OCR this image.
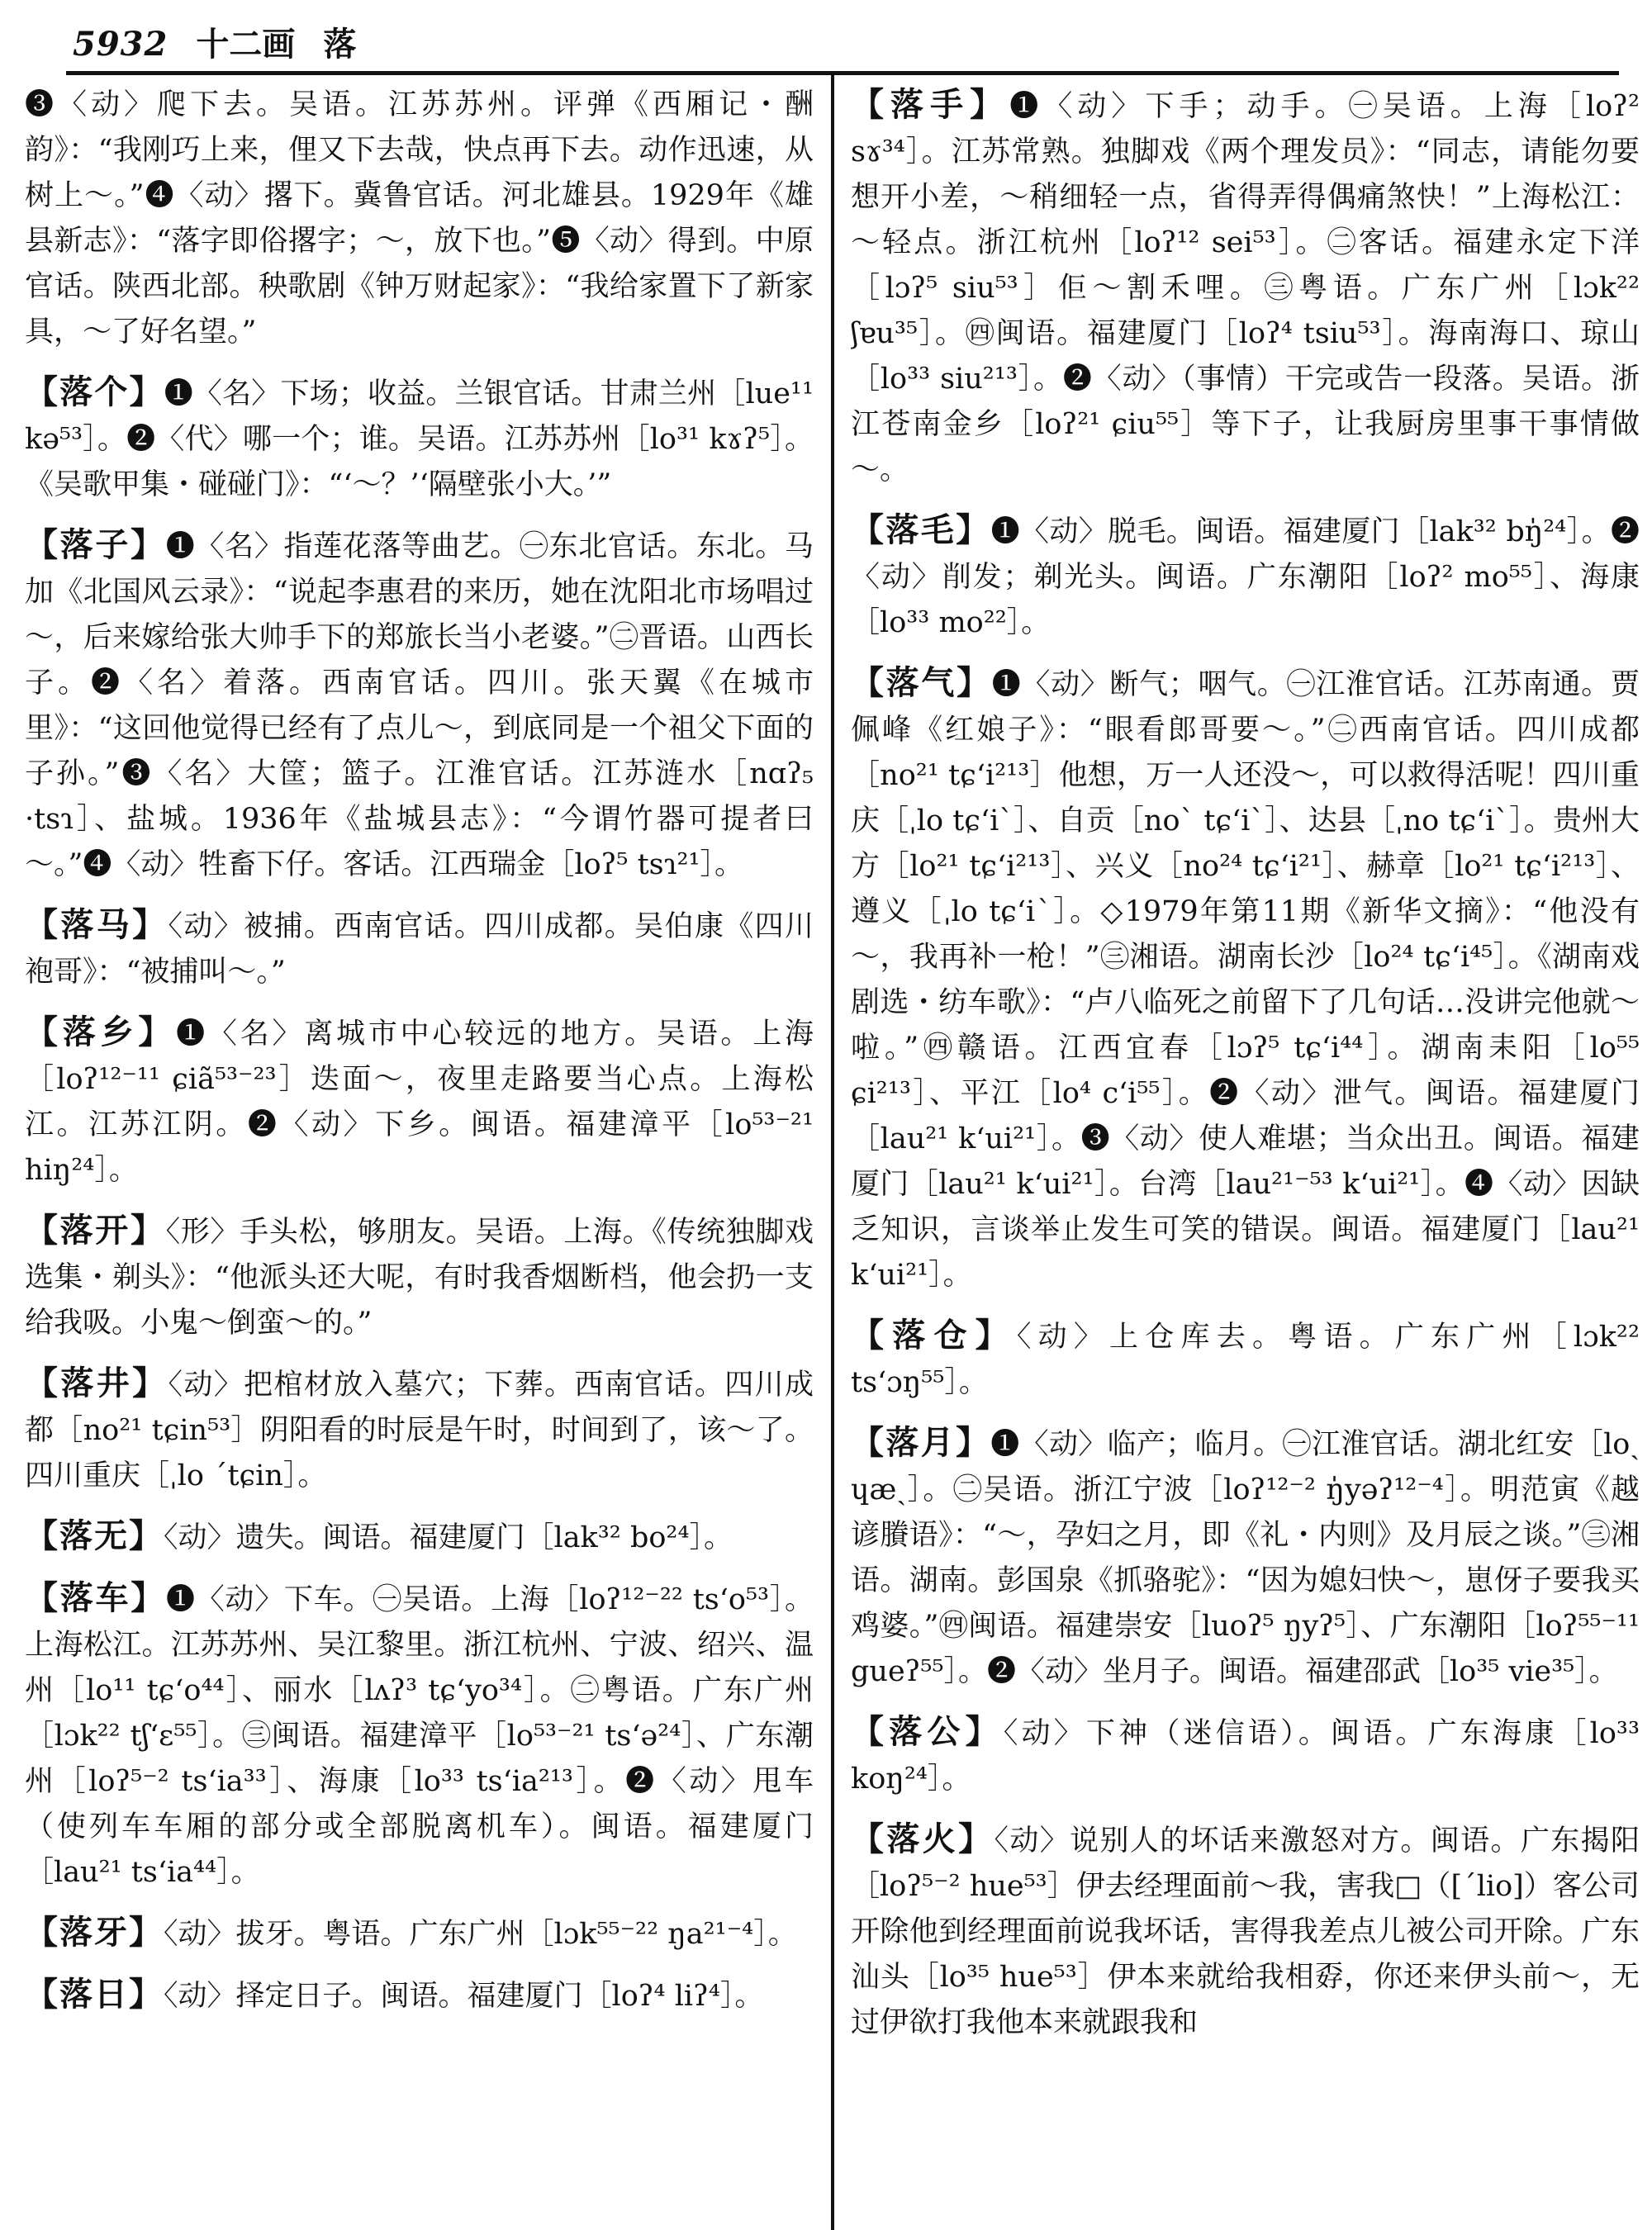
5932 十二画 落

❸〈动〉爬下去。吴语。江苏苏州。评弹《西厢记・酬韵》：“我刚巧上来，俚又下去哉，快点再下去。动作迅速，从树上～。”❹〈动〉撂下。冀鲁官话。河北雄县。1929年《雄县新志》：“落字即俗撂字；～，放下也。”❺〈动〉得到。中原官话。陕西北部。秧歌剧《钟万财起家》：“我给家置下了新家具，～了好名望。”

【落个】❶〈名〉下场；收益。兰银官话。甘肃兰州［lue¹¹ kə⁵³］。❷〈代〉哪一个；谁。吴语。江苏苏州［lo³¹ kɤʔ⁵］。《吴歌甲集・碰碰门》：“‘～？’‘隔壁张小大。’”

【落子】❶〈名〉指莲花落等曲艺。㊀东北官话。东北。马加《北国风云录》：“说起李惠君的来历，她在沈阳北市场唱过～，后来嫁给张大帅手下的郑旅长当小老婆。”㊁晋语。山西长子。❷〈名〉着落。西南官话。四川。张天翼《在城市里》：“这回他觉得已经有了点儿～，到底同是一个祖父下面的子孙。”❸〈名〉大筐；篮子。江淮官话。江苏涟水［nɑʔ₅ ·tsɿ］、盐城。1936年《盐城县志》：“今谓竹器可提者曰～。”❹〈动〉牲畜下仔。客话。江西瑞金［loʔ⁵ tsɿ²¹］。

【落马】〈动〉被捕。西南官话。四川成都。吴伯康《四川袍哥》：“被捕叫～。”

【落乡】❶〈名〉离城市中心较远的地方。吴语。上海［loʔ¹²⁻¹¹ ɕiã⁵³⁻²³］迭面～，夜里走路要当心点。上海松江。江苏江阴。❷〈动〉下乡。闽语。福建漳平［lo⁵³⁻²¹ hiŋ²⁴］。

【落开】〈形〉手头松，够朋友。吴语。上海。《传统独脚戏选集・剃头》：“他派头还大呢，有时我香烟断档，他会扔一支给我吸。小鬼～倒蛮～的。”

【落井】〈动〉把棺材放入墓穴；下葬。西南官话。四川成都［no²¹ tɕin⁵³］阴阳看的时辰是午时，时间到了，该～了。四川重庆［ˌlo ˊtɕin］。

【落无】〈动〉遗失。闽语。福建厦门［lak³² bo²⁴］。

【落车】❶〈动〉下车。㊀吴语。上海［loʔ¹²⁻²² ts‘o⁵³］。上海松江。江苏苏州、吴江黎里。浙江杭州、宁波、绍兴、温州［lo¹¹ tɕ‘o⁴⁴］、丽水［lʌʔ³ tɕ‘yo³⁴］。㊁粤语。广东广州［lɔk²² tʃ‘ɛ⁵⁵］。㊂闽语。福建漳平［lo⁵³⁻²¹ ts‘ə²⁴］、广东潮州［loʔ⁵⁻² ts‘ia³³］、海康［lo³³ ts‘ia²¹³］。❷〈动〉甩车（使列车车厢的部分或全部脱离机车）。闽语。福建厦门［lau²¹ ts‘ia⁴⁴］。

【落牙】〈动〉拔牙。粤语。广东广州［lɔk⁵⁵⁻²² ŋa²¹⁻⁴］。

【落日】〈动〉择定日子。闽语。福建厦门［loʔ⁴ liʔ⁴］。

【落手】❶〈动〉下手；动手。㊀吴语。上海［loʔ² sɤ³⁴］。江苏常熟。独脚戏《两个理发员》：“同志，请能勿要想开小差，～稍细轻一点，省得弄得偶痛煞快！”上海松江：～轻点。浙江杭州［loʔ¹² sei⁵³］。㊁客话。福建永定下洋［lɔʔ⁵ siu⁵³］佢～割禾哩。㊂粤语。广东广州［lɔk²² ʃɐu³⁵］。㊃闽语。福建厦门［loʔ⁴ tsiu⁵³］。海南海口、琼山［lo³³ siu²¹³］。❷〈动〉（事情）干完或告一段落。吴语。浙江苍南金乡［loʔ²¹ ɕiu⁵⁵］等下子，让我厨房里事干事情做～。

【落毛】❶〈动〉脱毛。闽语。福建厦门［lak³² bŋ̍²⁴］。❷〈动〉削发；剃光头。闽语。广东潮阳［loʔ² mo⁵⁵］、海康［lo³³ mo²²］。

【落气】❶〈动〉断气；咽气。㊀江淮官话。江苏南通。贾佩峰《红娘子》：“眼看郎哥要～。”㊁西南官话。四川成都［no²¹ tɕ‘i²¹³］他想，万一人还没～，可以救得活呢！四川重庆［ˌlo tɕ‘iˋ］、自贡［noˋ tɕ‘iˋ］、达县［ˌno tɕ‘iˋ］。贵州大方［lo²¹ tɕ‘i²¹³］、兴义［no²⁴ tɕ‘i²¹］、赫章［lo²¹ tɕ‘i²¹³］、遵义［ˌlo tɕ‘iˋ］。◇1979年第11期《新华文摘》：“他没有～，我再补一枪！”㊂湘语。湖南长沙［lo²⁴ tɕ‘i⁴⁵］。《湖南戏剧选・纺车歌》：“卢八临死之前留下了几句话…没讲完他就～啦。”㊃赣语。江西宜春［lɔʔ⁵ tɕ‘i⁴⁴］。湖南耒阳［lo⁵⁵ ɕi²¹³］、平江［lo⁴ c‘i⁵⁵］。❷〈动〉泄气。闽语。福建厦门［lau²¹ k‘ui²¹］。❸〈动〉使人难堪；当众出丑。闽语。福建厦门［lau²¹ k‘ui²¹］。台湾［lau²¹⁻⁵³ k‘ui²¹］。❹〈动〉因缺乏知识，言谈举止发生可笑的错误。闽语。福建厦门［lau²¹ k‘ui²¹］。

【落仓】〈动〉上仓库去。粤语。广东广州［lɔk²² ts‘ɔŋ⁵⁵］。

【落月】❶〈动〉临产；临月。㊀江淮官话。湖北红安［loˎ ɥæˎ］。㊁吴语。浙江宁波［loʔ¹²⁻² ŋ̍yəʔ¹²⁻⁴］。明范寅《越谚賸语》：“～，孕妇之月，即《礼・内则》及月辰之谈。”㊂湘语。湖南。彭国泉《抓骆驼》：“因为媳妇快～，崽伢子要我买鸡婆。”㊃闽语。福建崇安［luoʔ⁵ ŋyʔ⁵］、广东潮阳［loʔ⁵⁵⁻¹¹ gueʔ⁵⁵］。❷〈动〉坐月子。闽语。福建邵武［lo³⁵ vie³⁵］。

【落公】〈动〉下神（迷信语）。闽语。广东海康［lo³³ koŋ²⁴］。

【落火】〈动〉说别人的坏话来激怒对方。闽语。广东揭阳［loʔ⁵⁻² hue⁵³］伊去经理面前～我，害我□（[ˊlio]）客公司开除他到经理面前说我坏话，害得我差点儿被公司开除。广东汕头［lo³⁵ hue⁵³］伊本来就给我相孬，你还来伊头前～，无过伊欲打我他本来就跟我和
